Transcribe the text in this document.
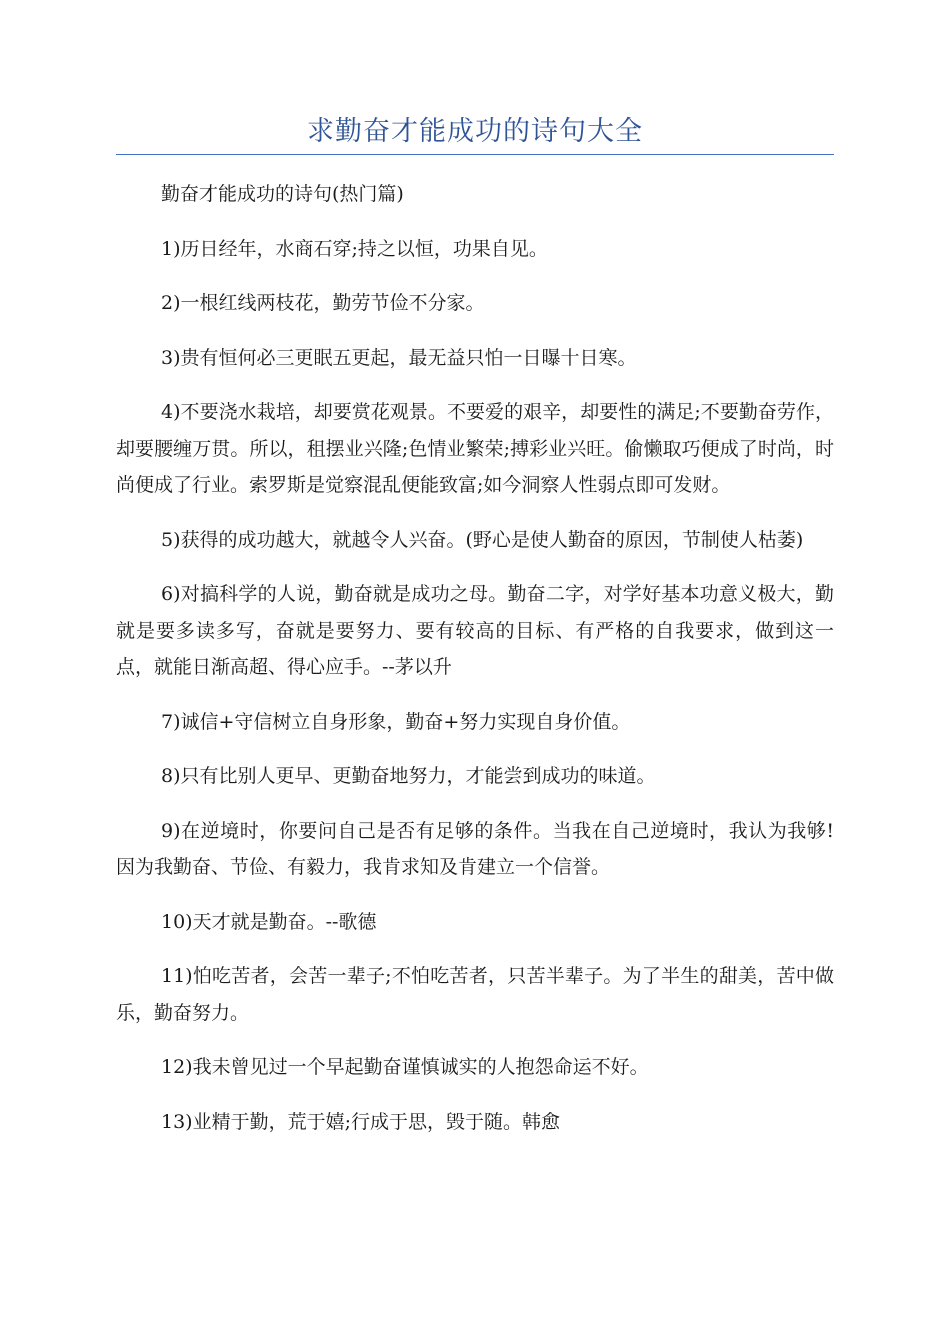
求勤奋才能成功的诗句大全

勤奋才能成功的诗句(热门篇)

1)历日经年，水商石穿;持之以恒，功果自见。

2)一根红线两枝花，勤劳节俭不分家。

3)贵有恒何必三更眠五更起，最无益只怕一日曝十日寒。

4)不要浇水栽培，却要赏花观景。不要爱的艰辛，却要性的满足;不要勤奋劳作，却要腰缠万贯。所以，租摆业兴隆;色情业繁荣;搏彩业兴旺。偷懒取巧便成了时尚，时尚便成了行业。索罗斯是觉察混乱便能致富;如今洞察人性弱点即可发财。

5)获得的成功越大，就越令人兴奋。(野心是使人勤奋的原因，节制使人枯萎)

6)对搞科学的人说，勤奋就是成功之母。勤奋二字，对学好基本功意义极大，勤就是要多读多写，奋就是要努力、要有较高的目标、有严格的自我要求，做到这一点，就能日渐高超、得心应手。--茅以升

7)诚信+守信树立自身形象，勤奋+努力实现自身价值。

8)只有比别人更早、更勤奋地努力，才能尝到成功的味道。

9)在逆境时，你要问自己是否有足够的条件。当我在自己逆境时，我认为我够!因为我勤奋、节俭、有毅力，我肯求知及肯建立一个信誉。

10)天才就是勤奋。--歌德

11)怕吃苦者，会苦一辈子;不怕吃苦者，只苦半辈子。为了半生的甜美，苦中做乐，勤奋努力。

12)我未曾见过一个早起勤奋谨慎诚实的人抱怨命运不好。

13)业精于勤，荒于嬉;行成于思，毁于随。韩愈
